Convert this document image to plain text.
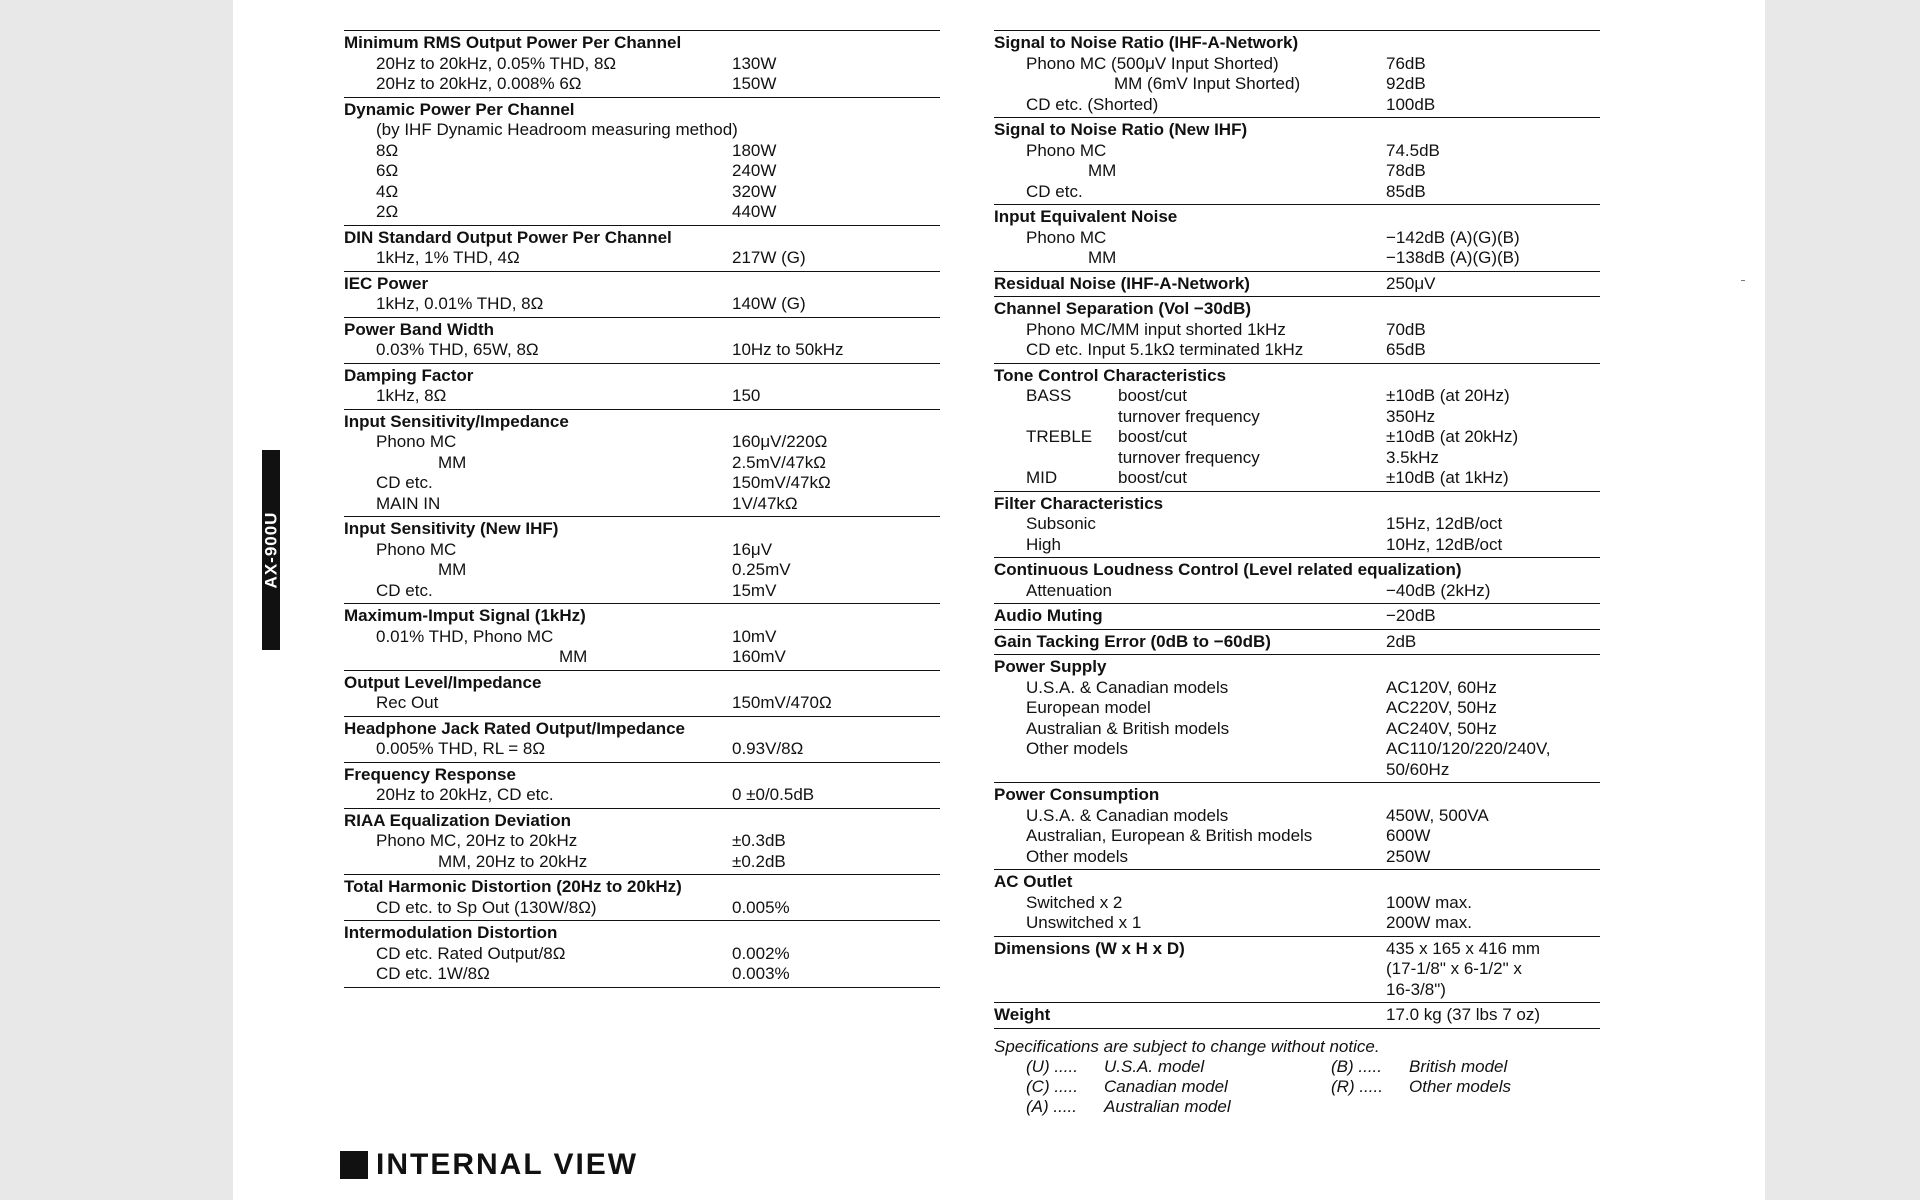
AX-900U
Minimum RMS Output Power Per Channel
20Hz to 20kHz, 0.05% THD, 8Ω	130W
20Hz to 20kHz, 0.008% 6Ω	150W
Dynamic Power Per Channel
(by IHF Dynamic Headroom measuring method)
8Ω	180W
6Ω	240W
4Ω	320W
2Ω	440W
DIN Standard Output Power Per Channel
1kHz, 1% THD, 4Ω	217W (G)
IEC Power
1kHz, 0.01% THD, 8Ω	140W (G)
Power Band Width
0.03% THD, 65W, 8Ω	10Hz to 50kHz
Damping Factor
1kHz, 8Ω	150
Input Sensitivity/Impedance
Phono MC	160μV/220Ω
MM	2.5mV/47kΩ
CD etc.	150mV/47kΩ
MAIN IN	1V/47kΩ
Input Sensitivity (New IHF)
Phono MC	16μV
MM	0.25mV
CD etc.	15mV
Maximum-Imput Signal (1kHz)
0.01% THD, Phono MC	10mV
MM	160mV
Output Level/Impedance
Rec Out	150mV/470Ω
Headphone Jack Rated Output/Impedance
0.005% THD, RL = 8Ω	0.93V/8Ω
Frequency Response
20Hz to 20kHz, CD etc.	0 ±0/0.5dB
RIAA Equalization Deviation
Phono MC, 20Hz to 20kHz	±0.3dB
MM, 20Hz to 20kHz	±0.2dB
Total Harmonic Distortion (20Hz to 20kHz)
CD etc. to Sp Out (130W/8Ω)	0.005%
Intermodulation Distortion
CD etc. Rated Output/8Ω	0.002%
CD etc. 1W/8Ω	0.003%
Signal to Noise Ratio (IHF-A-Network)
Phono MC (500μV Input Shorted)	76dB
MM (6mV Input Shorted)	92dB
CD etc. (Shorted)	100dB
Signal to Noise Ratio (New IHF)
Phono MC	74.5dB
MM	78dB
CD etc.	85dB
Input Equivalent Noise
Phono MC	−142dB (A)(G)(B)
MM	−138dB (A)(G)(B)
Residual Noise (IHF-A-Network)	250μV
Channel Separation (Vol −30dB)
Phono MC/MM input shorted 1kHz	70dB
CD etc. Input 5.1kΩ terminated 1kHz	65dB
Tone Control Characteristics
BASS	boost/cut	±10dB (at 20Hz)
turnover frequency	350Hz
TREBLE	boost/cut	±10dB (at 20kHz)
turnover frequency	3.5kHz
MID	boost/cut	±10dB (at 1kHz)
Filter Characteristics
Subsonic	15Hz, 12dB/oct
High	10Hz, 12dB/oct
Continuous Loudness Control (Level related equalization)
Attenuation	−40dB (2kHz)
Audio Muting	−20dB
Gain Tacking Error (0dB to −60dB)	2dB
Power Supply
U.S.A. & Canadian models	AC120V, 60Hz
European model	AC220V, 50Hz
Australian & British models	AC240V, 50Hz
Other models	AC110/120/220/240V,
50/60Hz
Power Consumption
U.S.A. & Canadian models	450W, 500VA
Australian, European & British models	600W
Other models	250W
AC Outlet
Switched x 2	100W max.
Unswitched x 1	200W max.
Dimensions (W x H x D)	435 x 165 x 416 mm
(17-1/8" x 6-1/2" x
16-3/8")
Weight	17.0 kg (37 lbs 7 oz)
Specifications are subject to change without notice.
(U) ..... U.S.A. model	(B) ..... British model
(C) ..... Canadian model	(R) ..... Other models
(A) ..... Australian model
INTERNAL VIEW
